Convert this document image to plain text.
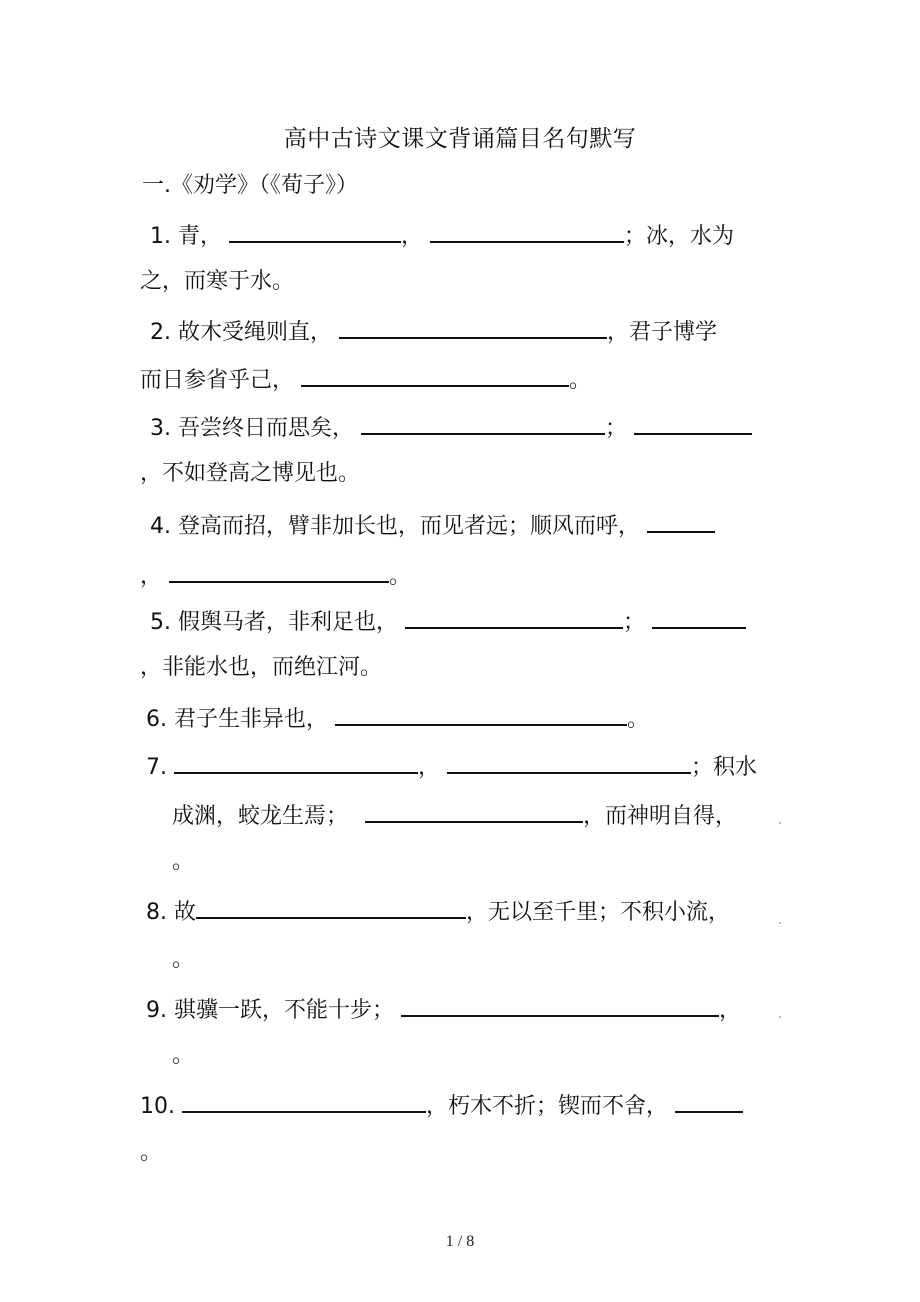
高中古诗文课文背诵篇目名句默写
一.《劝学》（《荀子》）
1. 青，	，	；冰，水为
之，而寒于水。
2. 故木受绳则直，	，君子博学
而日参省乎己，	。
3. 吾尝终日而思矣，	；
，不如登高之博见也。
4. 登高而招，臂非加长也，而见者远；顺风而呼，
，	。
5. 假舆马者，非利足也，	；
，非能水也，而绝江河。
6. 君子生非异也，	。
7.	，	；积水
成渊，蛟龙生焉；	，而神明自得，
。
8. 故	，无以至千里；不积小流，
。
9. 骐骥一跃，不能十步；	，
。
10.	，朽木不折；锲而不舍，
。
1 / 8
